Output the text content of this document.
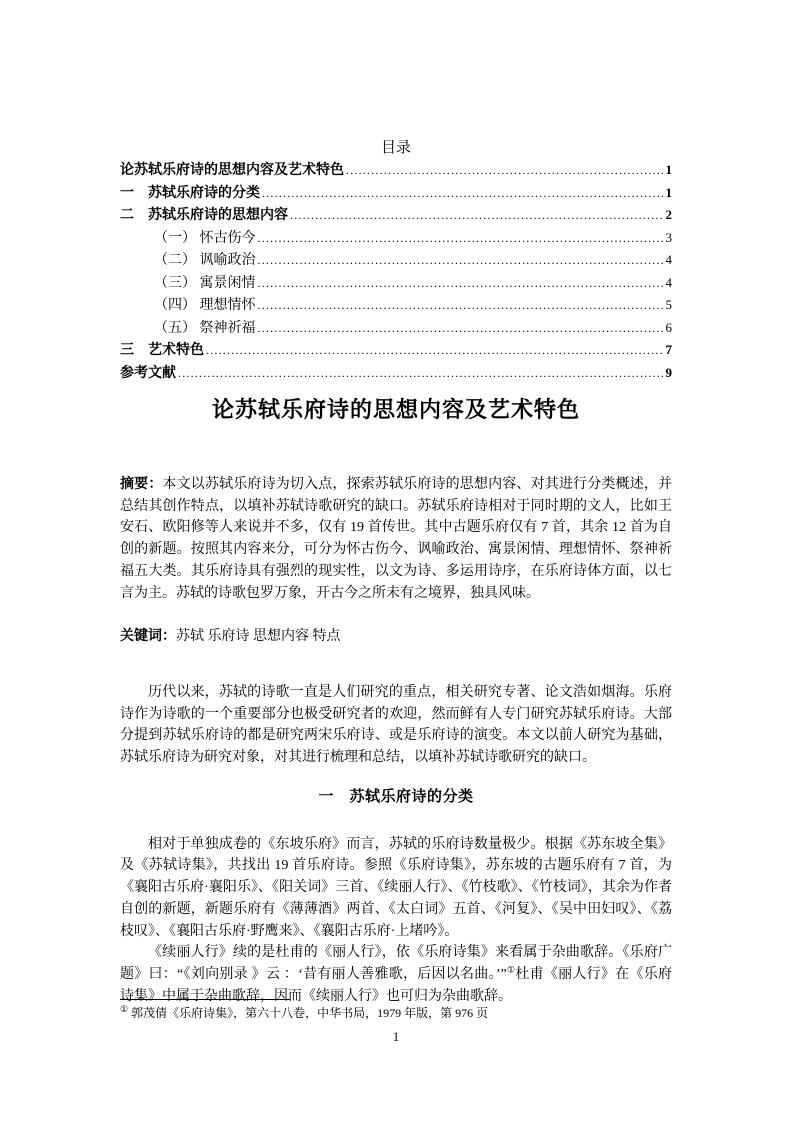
目录
论苏轼乐府诗的思想内容及艺术特色 .....	1
一　苏轼乐府诗的分类 .....	1
二　苏轼乐府诗的思想内容 .....	2
（一） 怀古伤今 .....	3
（二） 讽喻政治 .....	4
（三） 寓景闲情 .....	4
（四） 理想情怀 .....	5
（五） 祭神祈福 .....	6
三　艺术特色 .....	7
参考文献 .....	9
论苏轼乐府诗的思想内容及艺术特色

摘要：本文以苏轼乐府诗为切入点，探索苏轼乐府诗的思想内容、对其进行分类概述，并总结其创作特点，以填补苏轼诗歌研究的缺口。苏轼乐府诗相对于同时期的文人，比如王安石、欧阳修等人来说并不多，仅有 19 首传世。其中古题乐府仅有 7 首，其余 12 首为自创的新题。按照其内容来分，可分为怀古伤今、讽喻政治、寓景闲情、理想情怀、祭神祈福五大类。其乐府诗具有强烈的现实性，以文为诗、多运用诗序，在乐府诗体方面，以七言为主。苏轼的诗歌包罗万象，开古今之所未有之境界，独具风味。

关键词：苏轼 乐府诗 思想内容 特点

历代以来，苏轼的诗歌一直是人们研究的重点，相关研究专著、论文浩如烟海。乐府诗作为诗歌的一个重要部分也极受研究者的欢迎，然而鲜有人专门研究苏轼乐府诗。大部分提到苏轼乐府诗的都是研究两宋乐府诗、或是乐府诗的演变。本文以前人研究为基础，苏轼乐府诗为研究对象，对其进行梳理和总结，以填补苏轼诗歌研究的缺口。

一　苏轼乐府诗的分类

相对于单独成卷的《东坡乐府》而言，苏轼的乐府诗数量极少。根据《苏东坡全集》及《苏轼诗集》，共找出 19 首乐府诗。参照《乐府诗集》，苏东坡的古题乐府有 7 首，为《襄阳古乐府·襄阳乐》、《阳关词》三首、《续丽人行》、《竹枝歌》、《竹枝词》，其余为作者自创的新题，新题乐府有《薄薄酒》两首、《太白词》五首、《河复》、《吴中田妇叹》、《荔枝叹》、《襄阳古乐府·野鹰来》、《襄阳古乐府·上堵吟》。

《续丽人行》续的是杜甫的《丽人行》，依《乐府诗集》来看属于杂曲歌辞。《乐府广题》曰：“《刘向别录 》云 ：‘昔有丽人善雅歌，后因以名曲。’”①杜甫《丽人行》在《乐府诗集》中属于杂曲歌辞，因而《续丽人行》也可归为杂曲歌辞。

① 郭茂倩《乐府诗集》，第六十八卷，中华书局，1979 年版，第 976 页
1
